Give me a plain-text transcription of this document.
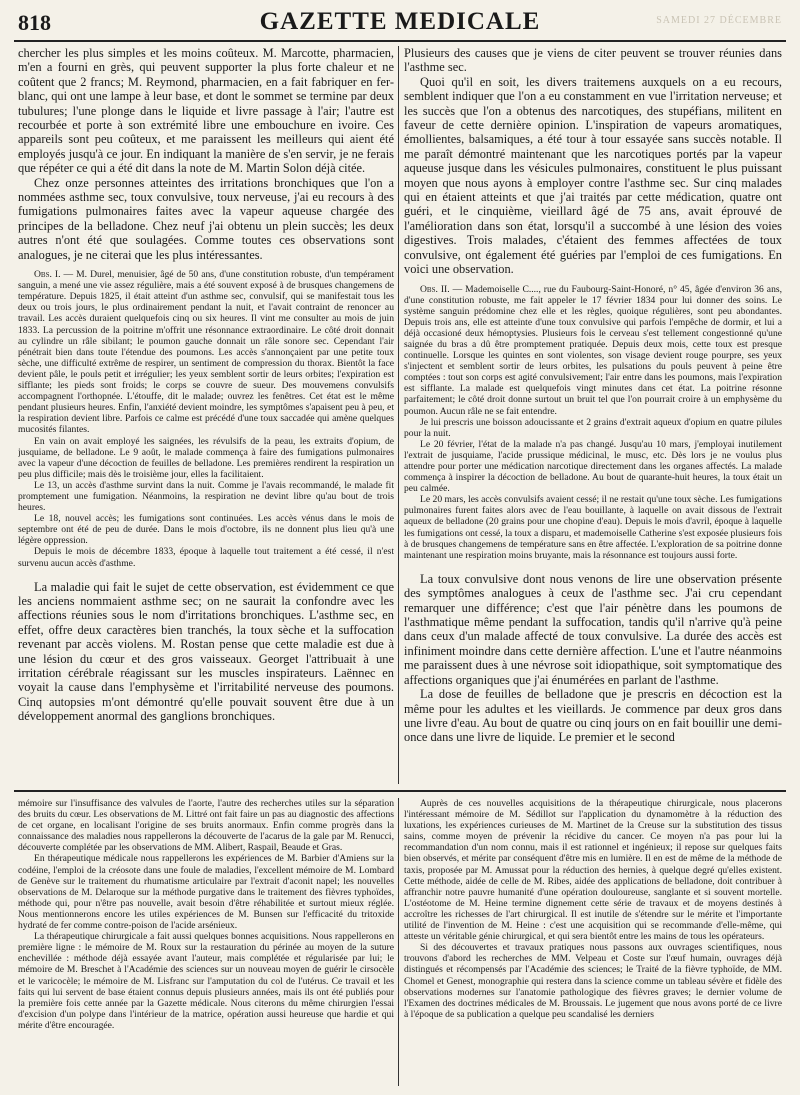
818	GAZETTE MEDICALE	SAMEDI 27 DÉCEMBRE

chercher les plus simples et les moins coûteux. M. Marcotte, pharmacien, m'en a fourni en grès, qui peuvent supporter la plus forte chaleur et ne coûtent que 2 francs; M. Reymond, pharmacien, en a fait fabriquer en fer-blanc, qui ont une lampe à leur base, et dont le sommet se termine par deux tubulures; l'une plonge dans le liquide et livre passage à l'air; l'autre est recourbée et porte à son extrémité libre une embouchure en ivoire. Ces appareils sont peu coûteux, et me paraissent les meilleurs qui aient été employés jusqu'à ce jour. En indiquant la manière de s'en servir, je ne ferais que répéter ce qui a été dit dans la note de M. Martin Solon déjà citée.

Chez onze personnes atteintes des irritations bronchiques que l'on a nommées asthme sec, toux convulsive, toux nerveuse, j'ai eu recours à des fumigations pulmonaires faites avec la vapeur aqueuse chargée des principes de la belladone. Chez neuf j'ai obtenu un plein succès; les deux autres n'ont été que soulagées. Comme toutes ces observations sont analogues, je ne citerai que les plus intéressantes.

Obs. I. — M. Durel, menuisier, âgé de 50 ans, d'une constitution robuste, d'un tempérament sanguin, a mené une vie assez régulière, mais a été souvent exposé à de brusques changemens de température. Depuis 1825, il était atteint d'un asthme sec, convulsif, qui se manifestait tous les deux ou trois jours, le plus ordinairement pendant la nuit, et l'avait contraint de renoncer au travail. Les accès duraient quelquefois cinq ou six heures. Il vint me consulter au mois de juin 1833. La percussion de la poitrine m'offrit une résonnance extraordinaire. Le côté droit donnait au cylindre un râle sibilant; le poumon gauche donnait un râle sonore sec. Cependant l'air pénétrait bien dans toute l'étendue des poumons. Les accès s'annonçaient par une petite toux sèche, une difficulté extrême de respirer, un sentiment de compression du thorax. Bientôt la face devient pâle, le pouls petit et irrégulier; les yeux semblent sortir de leurs orbites; l'expiration est sifflante; les pieds sont froids; le corps se couvre de sueur. Des mouvemens convulsifs accompagnent l'orthopnée. L'étouffe, dit le malade; ouvrez les fenêtres. Cet état est le même pendant plusieurs heures. Enfin, l'anxiété devient moindre, les symptômes s'apaisent peu à peu, et la respiration devient libre. Parfois ce calme est précédé d'une toux saccadée qui amène quelques mucosités filantes.

En vain on avait employé les saignées, les révulsifs de la peau, les extraits d'opium, de jusquiame, de belladone. Le 9 août, le malade commença à faire des fumigations pulmonaires avec la vapeur d'une décoction de feuilles de belladone. Les premières rendirent la respiration un peu plus difficile; mais dès le troisième jour, elles la facilitaient.

Le 13, un accès d'asthme survint dans la nuit. Comme je l'avais recommandé, le malade fit promptement une fumigation. Néanmoins, la respiration ne devint libre qu'au bout de trois heures.

Le 18, nouvel accès; les fumigations sont continuées. Les accès vénus dans le mois de septembre ont été de peu de durée. Dans le mois d'octobre, ils ne donnent plus lieu qu'à une légère oppression.

Depuis le mois de décembre 1833, époque à laquelle tout traitement a été cessé, il n'est survenu aucun accès d'asthme.

La maladie qui fait le sujet de cette observation, est évidemment ce que les anciens nommaient asthme sec; on ne saurait la confondre avec les affections réunies sous le nom d'irritations bronchiques. L'asthme sec, en effet, offre deux caractères bien tranchés, la toux sèche et la suffocation revenant par accès violens. M. Rostan pense que cette maladie est due à une lésion du cœur et des gros vaisseaux. Georget l'attribuait à une irritation cérébrale réagissant sur les muscles inspirateurs. Laënnec en voyait la cause dans l'emphysème et l'irritabilité nerveuse des poumons. Cinq autopsies m'ont démontré qu'elle pouvait souvent être due à un développement anormal des ganglions bronchiques.

Plusieurs des causes que je viens de citer peuvent se trouver réunies dans l'asthme sec.

Quoi qu'il en soit, les divers traitemens auxquels on a eu recours, semblent indiquer que l'on a eu constamment en vue l'irritation nerveuse; et les succès que l'on a obtenus des narcotiques, des stupéfians, militent en faveur de cette dernière opinion. L'inspiration de vapeurs aromatiques, émollientes, balsamiques, a été tour à tour essayée sans succès notable. Il me paraît démontré maintenant que les narcotiques portés par la vapeur aqueuse jusque dans les vésicules pulmonaires, constituent le plus puissant moyen que nous ayons à employer contre l'asthme sec. Sur cinq malades qui en étaient atteints et que j'ai traités par cette médication, quatre ont guéri, et le cinquième, vieillard âgé de 75 ans, avait éprouvé de l'amélioration dans son état, lorsqu'il a succombé à une lésion des voies digestives. Trois malades, c'étaient des femmes affectées de toux convulsive, ont également été guéries par l'emploi de ces fumigations. En voici une observation.

Obs. II. — Mademoiselle C...., rue du Faubourg-Saint-Honoré, n° 45, âgée d'environ 36 ans, d'une constitution robuste, me fait appeler le 17 février 1834 pour lui donner des soins. Le système sanguin prédomine chez elle et les règles, quoique régulières, sont peu abondantes. Depuis trois ans, elle est atteinte d'une toux convulsive qui parfois l'empêche de dormir, et lui a déjà occasioné deux hémoptysies. Plusieurs fois le cerveau s'est tellement congestionné qu'une saignée du bras a dû être promptement pratiquée. Depuis deux mois, cette toux est presque continuelle. Lorsque les quintes en sont violentes, son visage devient rouge pourpre, ses yeux s'injectent et semblent sortir de leurs orbites, les pulsations du pouls peuvent à peine être comptées : tout son corps est agité convulsivement; l'air entre dans les poumons, mais l'expiration est sifflante. La malade est quelquefois vingt minutes dans cet état. La poitrine résonne parfaitement; le côté droit donne surtout un bruit tel que l'on pourrait croire à un emphysème du poumon. Aucun râle ne se fait entendre.

Je lui prescris une boisson adoucissante et 2 grains d'extrait aqueux d'opium en quatre pilules pour la nuit.

Le 20 février, l'état de la malade n'a pas changé. Jusqu'au 10 mars, j'employai inutilement l'extrait de jusquiame, l'acide prussique médicinal, le musc, etc. Dès lors je ne voulus plus attendre pour porter une médication narcotique directement dans les organes affectés. La malade commença à inspirer la décoction de belladone. Au bout de quarante-huit heures, la toux était un peu calmée.

Le 20 mars, les accès convulsifs avaient cessé; il ne restait qu'une toux sèche. Les fumigations pulmonaires furent faites alors avec de l'eau bouillante, à laquelle on avait dissous de l'extrait aqueux de belladone (20 grains pour une chopine d'eau). Depuis le mois d'avril, époque à laquelle les fumigations ont cessé, la toux a disparu, et mademoiselle Catherine s'est exposée plusieurs fois à de brusques changemens de température sans en être affectée. L'exploration de sa poitrine donne maintenant une respiration moins bruyante, mais la résonnance est toujours aussi forte.

La toux convulsive dont nous venons de lire une observation présente des symptômes analogues à ceux de l'asthme sec. J'ai cru cependant remarquer une différence; c'est que l'air pénètre dans les poumons de l'asthmatique même pendant la suffocation, tandis qu'il n'arrive qu'à peine dans ceux d'un malade affecté de toux convulsive. La durée des accès est infiniment moindre dans cette dernière affection. L'une et l'autre néanmoins me paraissent dues à une névrose soit idiopathique, soit symptomatique des affections organiques que j'ai énumérées en parlant de l'asthme.

La dose de feuilles de belladone que je prescris en décoction est la même pour les adultes et les vieillards. Je commence par deux gros dans une livre d'eau. Au bout de quatre ou cinq jours on en fait bouillir une demi-once dans une livre de liquide. Le premier et le second

mémoire sur l'insuffisance des valvules de l'aorte, l'autre des recherches utiles sur la séparation des bruits du cœur. Les observations de M. Littré ont fait faire un pas au diagnostic des affections de cet organe, en localisant l'origine de ses bruits anormaux. Enfin comme progrès dans la connaissance des maladies nous rappellerons la découverte de l'acarus de la gale par M. Renucci, découverte complétée par les observations de MM. Alibert, Raspail, Beaude et Gras.

En thérapeutique médicale nous rappellerons les expériences de M. Barbier d'Amiens sur la codéine, l'emploi de la créosote dans une foule de maladies, l'excellent mémoire de M. Lombard de Genève sur le traitement du rhumatisme articulaire par l'extrait d'aconit napel; les nouvelles observations de M. Delaroque sur la méthode purgative dans le traitement des fièvres typhoïdes, méthode qui, pour n'être pas nouvelle, avait besoin d'être réhabilitée et surtout mieux réglée. Nous mentionnerons encore les utiles expériences de M. Bunsen sur l'efficacité du tritoxide hydraté de fer comme contre-poison de l'acide arsénieux.

La thérapeutique chirurgicale a fait aussi quelques bonnes acquisitions. Nous rappellerons en première ligne : le mémoire de M. Roux sur la restauration du périnée au moyen de la suture enchevillée : méthode déjà essayée avant l'auteur, mais complétée et régularisée par lui; le mémoire de M. Breschet à l'Académie des sciences sur un nouveau moyen de guérir le cirsocèle et le varicocèle; le mémoire de M. Lisfranc sur l'amputation du col de l'utérus. Ce travail et les faits qui lui servent de base étaient connus depuis plusieurs années, mais ils ont été publiés pour la première fois cette année par la Gazette médicale. Nous citerons du même chirurgien l'essai d'excision d'un polype dans l'intérieur de la matrice, opération aussi heureuse que hardie et qui mérite d'être encouragée.

Auprès de ces nouvelles acquisitions de la thérapeutique chirurgicale, nous placerons l'intéressant mémoire de M. Sédillot sur l'application du dynamomètre à la réduction des luxations, les expériences curieuses de M. Martinet de la Creuse sur la substitution des tissus sains, comme moyen de prévenir la récidive du cancer. Ce moyen n'a pas pour lui la recommandation d'un nom connu, mais il est rationnel et ingénieux; il repose sur quelques faits bien observés, et mérite par conséquent d'être mis en lumière. Il en est de même de la méthode de taxis, proposée par M. Amussat pour la réduction des hernies, à quelque degré qu'elles existent. Cette méthode, aidée de celle de M. Ribes, aidée des applications de belladone, doit contribuer à affranchir notre pauvre humanité d'une opération douloureuse, sanglante et si souvent mortelle. L'ostéotome de M. Heine termine dignement cette série de travaux et de moyens destinés à accroître les richesses de l'art chirurgical. Il est inutile de s'étendre sur le mérite et l'importante utilité de l'invention de M. Heine : c'est une acquisition qui se recommande d'elle-même, qui atteste un véritable génie chirurgical, et qui sera bientôt entre les mains de tous les opérateurs.

Si des découvertes et travaux pratiques nous passons aux ouvrages scientifiques, nous trouvons d'abord les recherches de MM. Velpeau et Coste sur l'œuf humain, ouvrages déjà distingués et récompensés par l'Académie des sciences; le Traité de la fièvre typhoïde, de MM. Chomel et Genest, monographie qui restera dans la science comme un tableau sévère et fidèle des observations modernes sur l'anatomie pathologique des fièvres graves; le dernier volume de l'Examen des doctrines médicales de M. Broussais. Le jugement que nous avons porté de ce livre à l'époque de sa publication a quelque peu scandalisé les derniers
